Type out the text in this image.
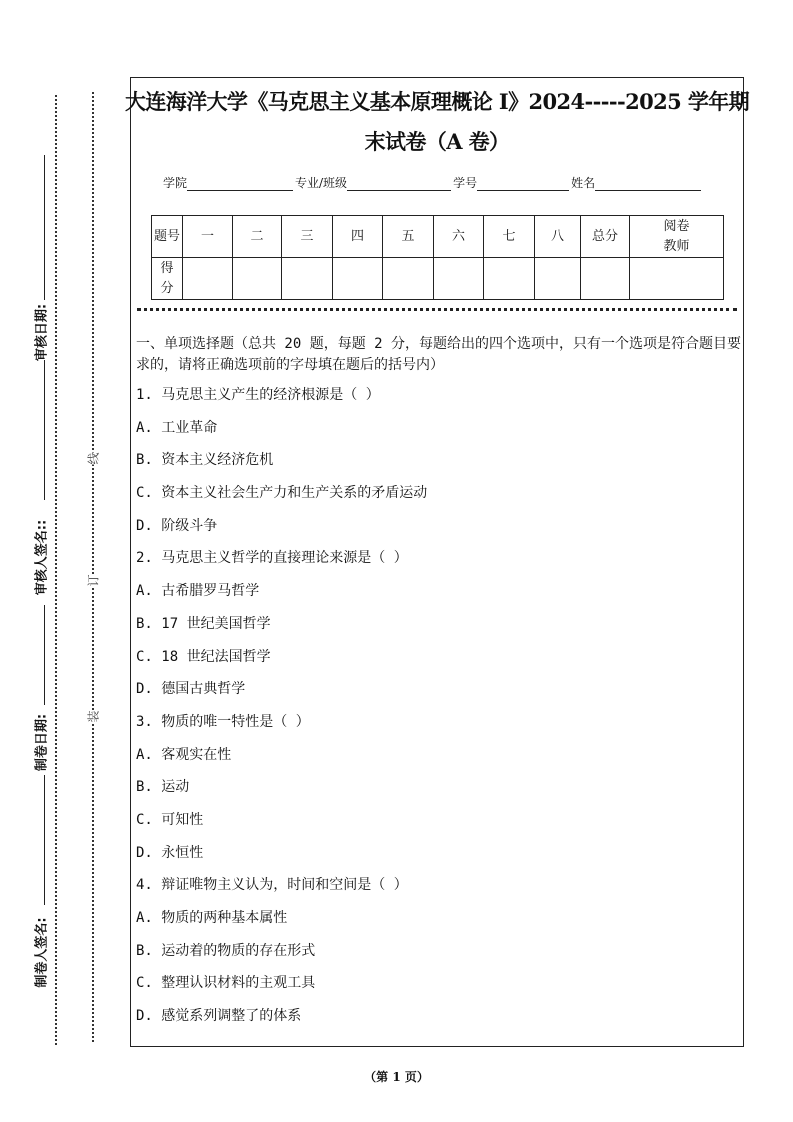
审核日期:
审核人签名::
制卷日期:
制卷人签名:
线
订
装
大连海洋大学《马克思主义基本原理概论 I》2024-----2025 学年期
末试卷（A 卷）
学院	专业/班级	学号	姓名
题号	一	二	三	四	五	六	七	八	总分	阅卷教师
得分										
一、单项选择题（总共 20 题，每题 2 分，每题给出的四个选项中，只有一个选项是符合题目要求的，请将正确选项前的字母填在题后的括号内）
1. 马克思主义产生的经济根源是（ ）
A. 工业革命
B. 资本主义经济危机
C. 资本主义社会生产力和生产关系的矛盾运动
D. 阶级斗争
2. 马克思主义哲学的直接理论来源是（ ）
A. 古希腊罗马哲学
B. 17 世纪美国哲学
C. 18 世纪法国哲学
D. 德国古典哲学
3. 物质的唯一特性是（ ）
A. 客观实在性
B. 运动
C. 可知性
D. 永恒性
4. 辩证唯物主义认为，时间和空间是（ ）
A. 物质的两种基本属性
B. 运动着的物质的存在形式
C. 整理认识材料的主观工具
D. 感觉系列调整了的体系
（第 1 页）
